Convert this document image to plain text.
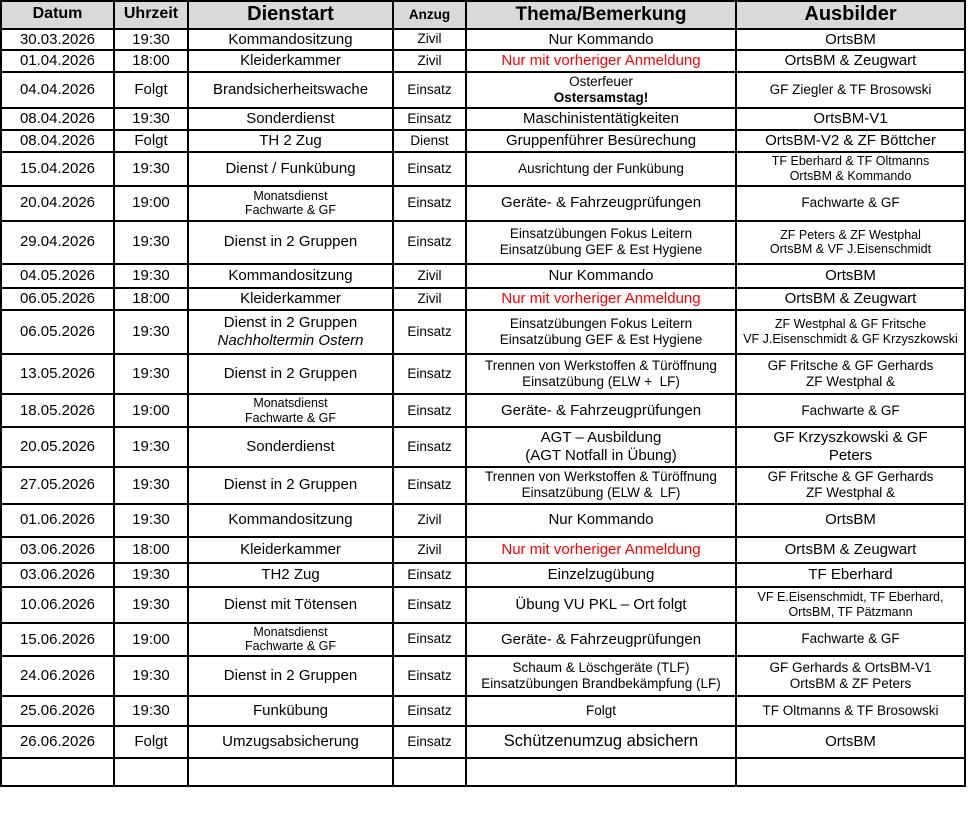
Datum	Uhrzeit	Dienstart	Anzug	Thema/Bemerkung	Ausbilder
30.03.2026	19:30	Kommandositzung	Zivil	Nur Kommando	OrtsBM

01.04.2026	18:00	Kleiderkammer	Zivil	Nur mit vorheriger Anmeldung	OrtsBM & Zeugwart

04.04.2026	Folgt	Brandsicherheitswache	Einsatz	Osterfeuer
Ostersamstag!	GF Ziegler & TF Brosowski

08.04.2026	19:30	Sonderdienst	Einsatz	Maschinistentätigkeiten	OrtsBM-V1

08.04.2026	Folgt	TH 2 Zug	Dienst	Gruppenführer Besürechung	OrtsBM-V2 & ZF Böttcher

15.04.2026	19:30	Dienst / Funkübung	Einsatz	Ausrichtung der Funkübung	TF Eberhard & TF Oltmanns
OrtsBM & Kommando

20.04.2026	19:00	Monatsdienst
Fachwarte & GF	Einsatz	Geräte- & Fahrzeugprüfungen	Fachwarte & GF

29.04.2026	19:30	Dienst in 2 Gruppen	Einsatz	Einsatzübungen Fokus Leitern
Einsatzübung GEF & Est Hygiene	ZF Peters & ZF Westphal
OrtsBM & VF J.Eisenschmidt

04.05.2026	19:30	Kommandositzung	Zivil	Nur Kommando	OrtsBM

06.05.2026	18:00	Kleiderkammer	Zivil	Nur mit vorheriger Anmeldung	OrtsBM & Zeugwart

06.05.2026	19:30	Dienst in 2 Gruppen
Nachholtermin Ostern	Einsatz	Einsatzübungen Fokus Leitern
Einsatzübung GEF & Est Hygiene	ZF Westphal & GF Fritsche
VF J.Eisenschmidt & GF Krzyszkowski

13.05.2026	19:30	Dienst in 2 Gruppen	Einsatz	Trennen von Werkstoffen & Türöffnung
Einsatzübung (ELW +  LF)	GF Fritsche & GF Gerhards
ZF Westphal &

18.05.2026	19:00	Monatsdienst
Fachwarte & GF	Einsatz	Geräte- & Fahrzeugprüfungen	Fachwarte & GF

20.05.2026	19:30	Sonderdienst	Einsatz	AGT – Ausbildung
(AGT Notfall in Übung)	GF Krzyszkowski & GF
Peters

27.05.2026	19:30	Dienst in 2 Gruppen	Einsatz	Trennen von Werkstoffen & Türöffnung
Einsatzübung (ELW &  LF)	GF Fritsche & GF Gerhards
ZF Westphal &

01.06.2026	19:30	Kommandositzung	Zivil	Nur Kommando	OrtsBM

03.06.2026	18:00	Kleiderkammer	Zivil	Nur mit vorheriger Anmeldung	OrtsBM & Zeugwart

03.06.2026	19:30	TH2 Zug	Einsatz	Einzelzugübung	TF Eberhard

10.06.2026	19:30	Dienst mit Tötensen	Einsatz	Übung VU PKL – Ort folgt	VF E.Eisenschmidt, TF Eberhard,
OrtsBM, TF Pätzmann

15.06.2026	19:00	Monatsdienst
Fachwarte & GF	Einsatz	Geräte- & Fahrzeugprüfungen	Fachwarte & GF

24.06.2026	19:30	Dienst in 2 Gruppen	Einsatz	Schaum & Löschgeräte (TLF)
Einsatzübungen Brandbekämpfung (LF)	GF Gerhards & OrtsBM-V1
OrtsBM & ZF Peters

25.06.2026	19:30	Funkübung	Einsatz	Folgt	TF Oltmanns & TF Brosowski

26.06.2026	Folgt	Umzugsabsicherung	Einsatz	Schützenumzug absichern	OrtsBM
